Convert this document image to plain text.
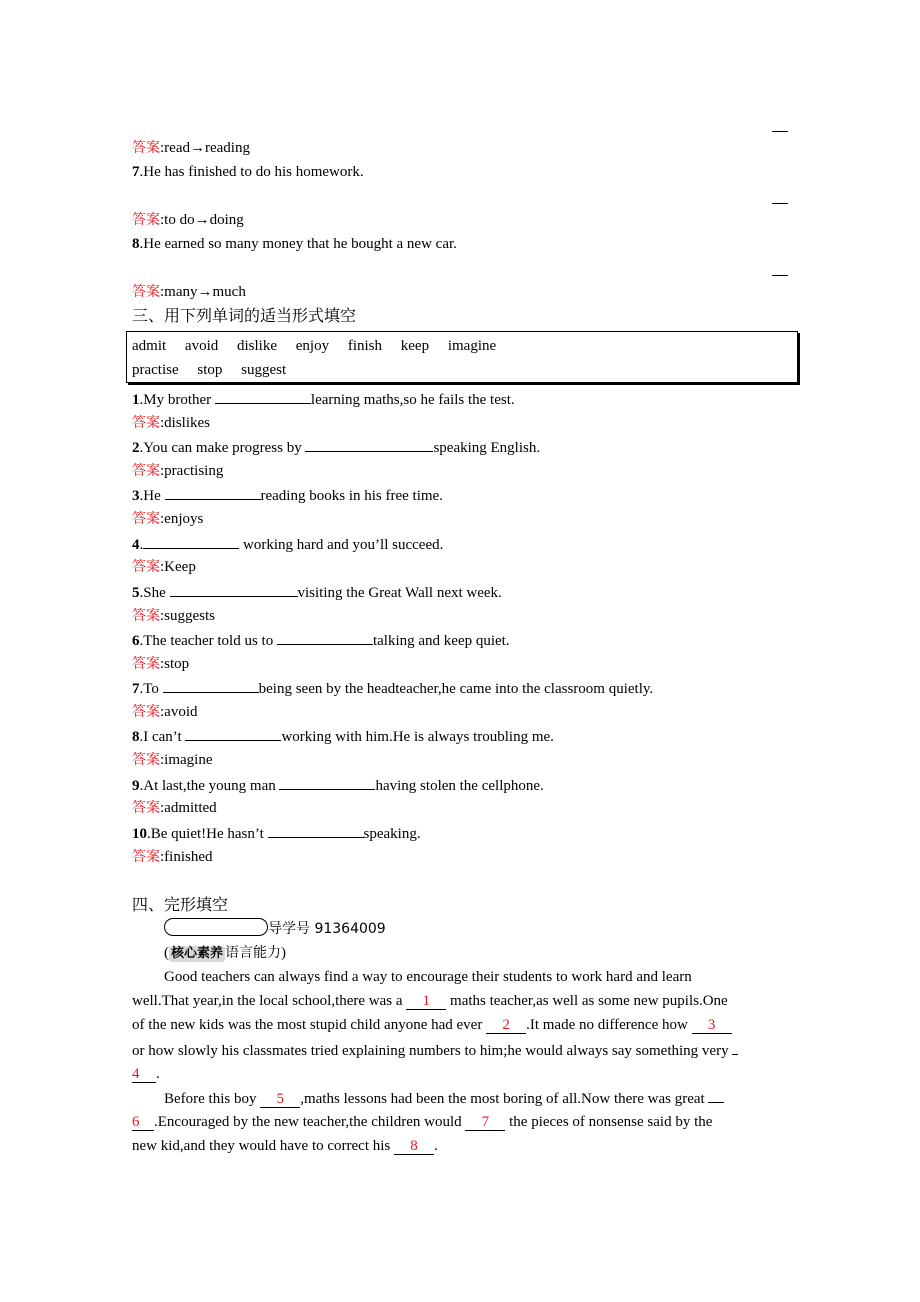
答案:read→reading
7.He has finished to do his homework.
答案:to do→doing
8.He earned so many money that he bought a new car.
答案:many→much
三、用下列单词的适当形式填空
admit avoid dislike enjoy finish keep imagine
practise stop suggest
1.My brother	learning maths,so he fails the test.
答案:dislikes
2.You can make progress by	speaking English.
答案:practising
3.He	reading books in his free time.
答案:enjoys
4.	working hard and you’ll succeed.
答案:Keep
5.She	visiting the Great Wall next week.
答案:suggests
6.The teacher told us to	talking and keep quiet.
答案:stop
7.To	being seen by the headteacher,he came into the classroom quietly.
答案:avoid
8.I can’t	working with him.He is always troubling me.
答案:imagine
9.At last,the young man	having stolen the cellphone.
答案:admitted
10.Be quiet!He hasn’t	speaking.
答案:finished
四、完形填空
导学号 91364009
( 核心素养 语言能力)
Good teachers can always find a way to encourage their students to work hard and learn
well.That year,in the local school,there was a 1 maths teacher,as well as some new pupils.One
of the new kids was the most stupid child anyone had ever 2 .It made no difference how 3
or how slowly his classmates tried explaining numbers to him;he would always say something very
4 .
Before this boy 5 ,maths lessons had been the most boring of all.Now there was great
6 .Encouraged by the new teacher,the children would 7 the pieces of nonsense said by the
new kid,and they would have to correct his 8 .
